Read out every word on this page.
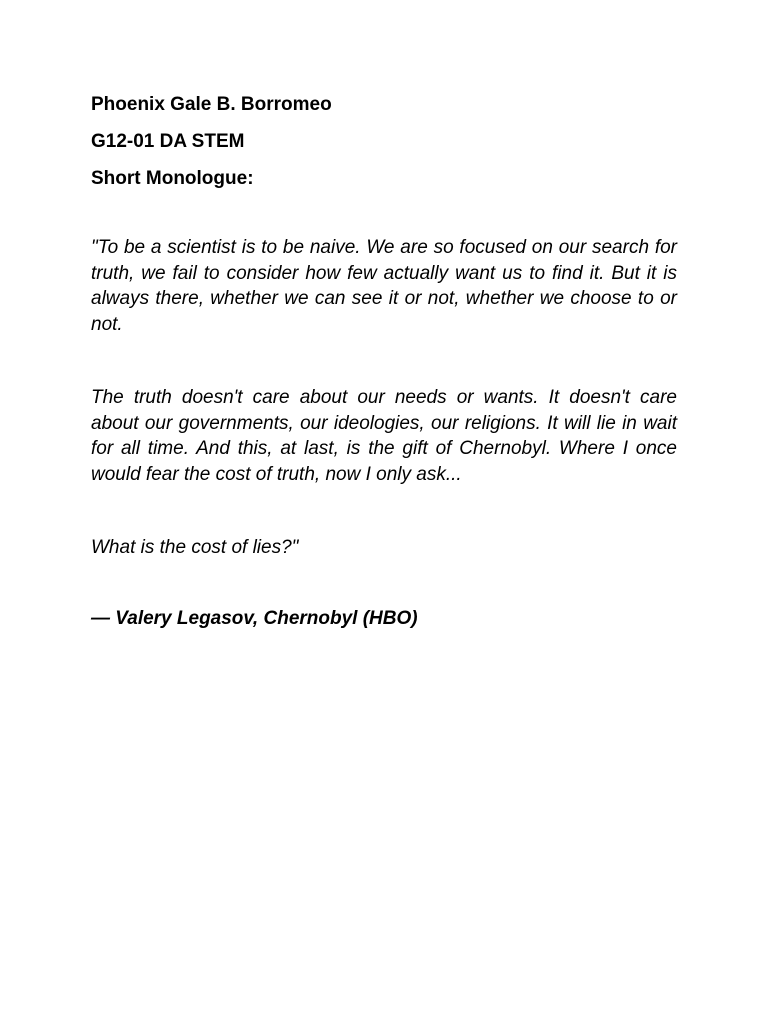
Phoenix Gale B. Borromeo
G12-01 DA STEM
Short Monologue:

"To be a scientist is to be naive. We are so focused on our search for truth, we fail to consider how few actually want us to find it. But it is always there, whether we can see it or not, whether we choose to or not.

The truth doesn't care about our needs or wants. It doesn't care about our governments, our ideologies, our religions. It will lie in wait for all time. And this, at last, is the gift of Chernobyl. Where I once would fear the cost of truth, now I only ask...

What is the cost of lies?"

— Valery Legasov, Chernobyl (HBO)
